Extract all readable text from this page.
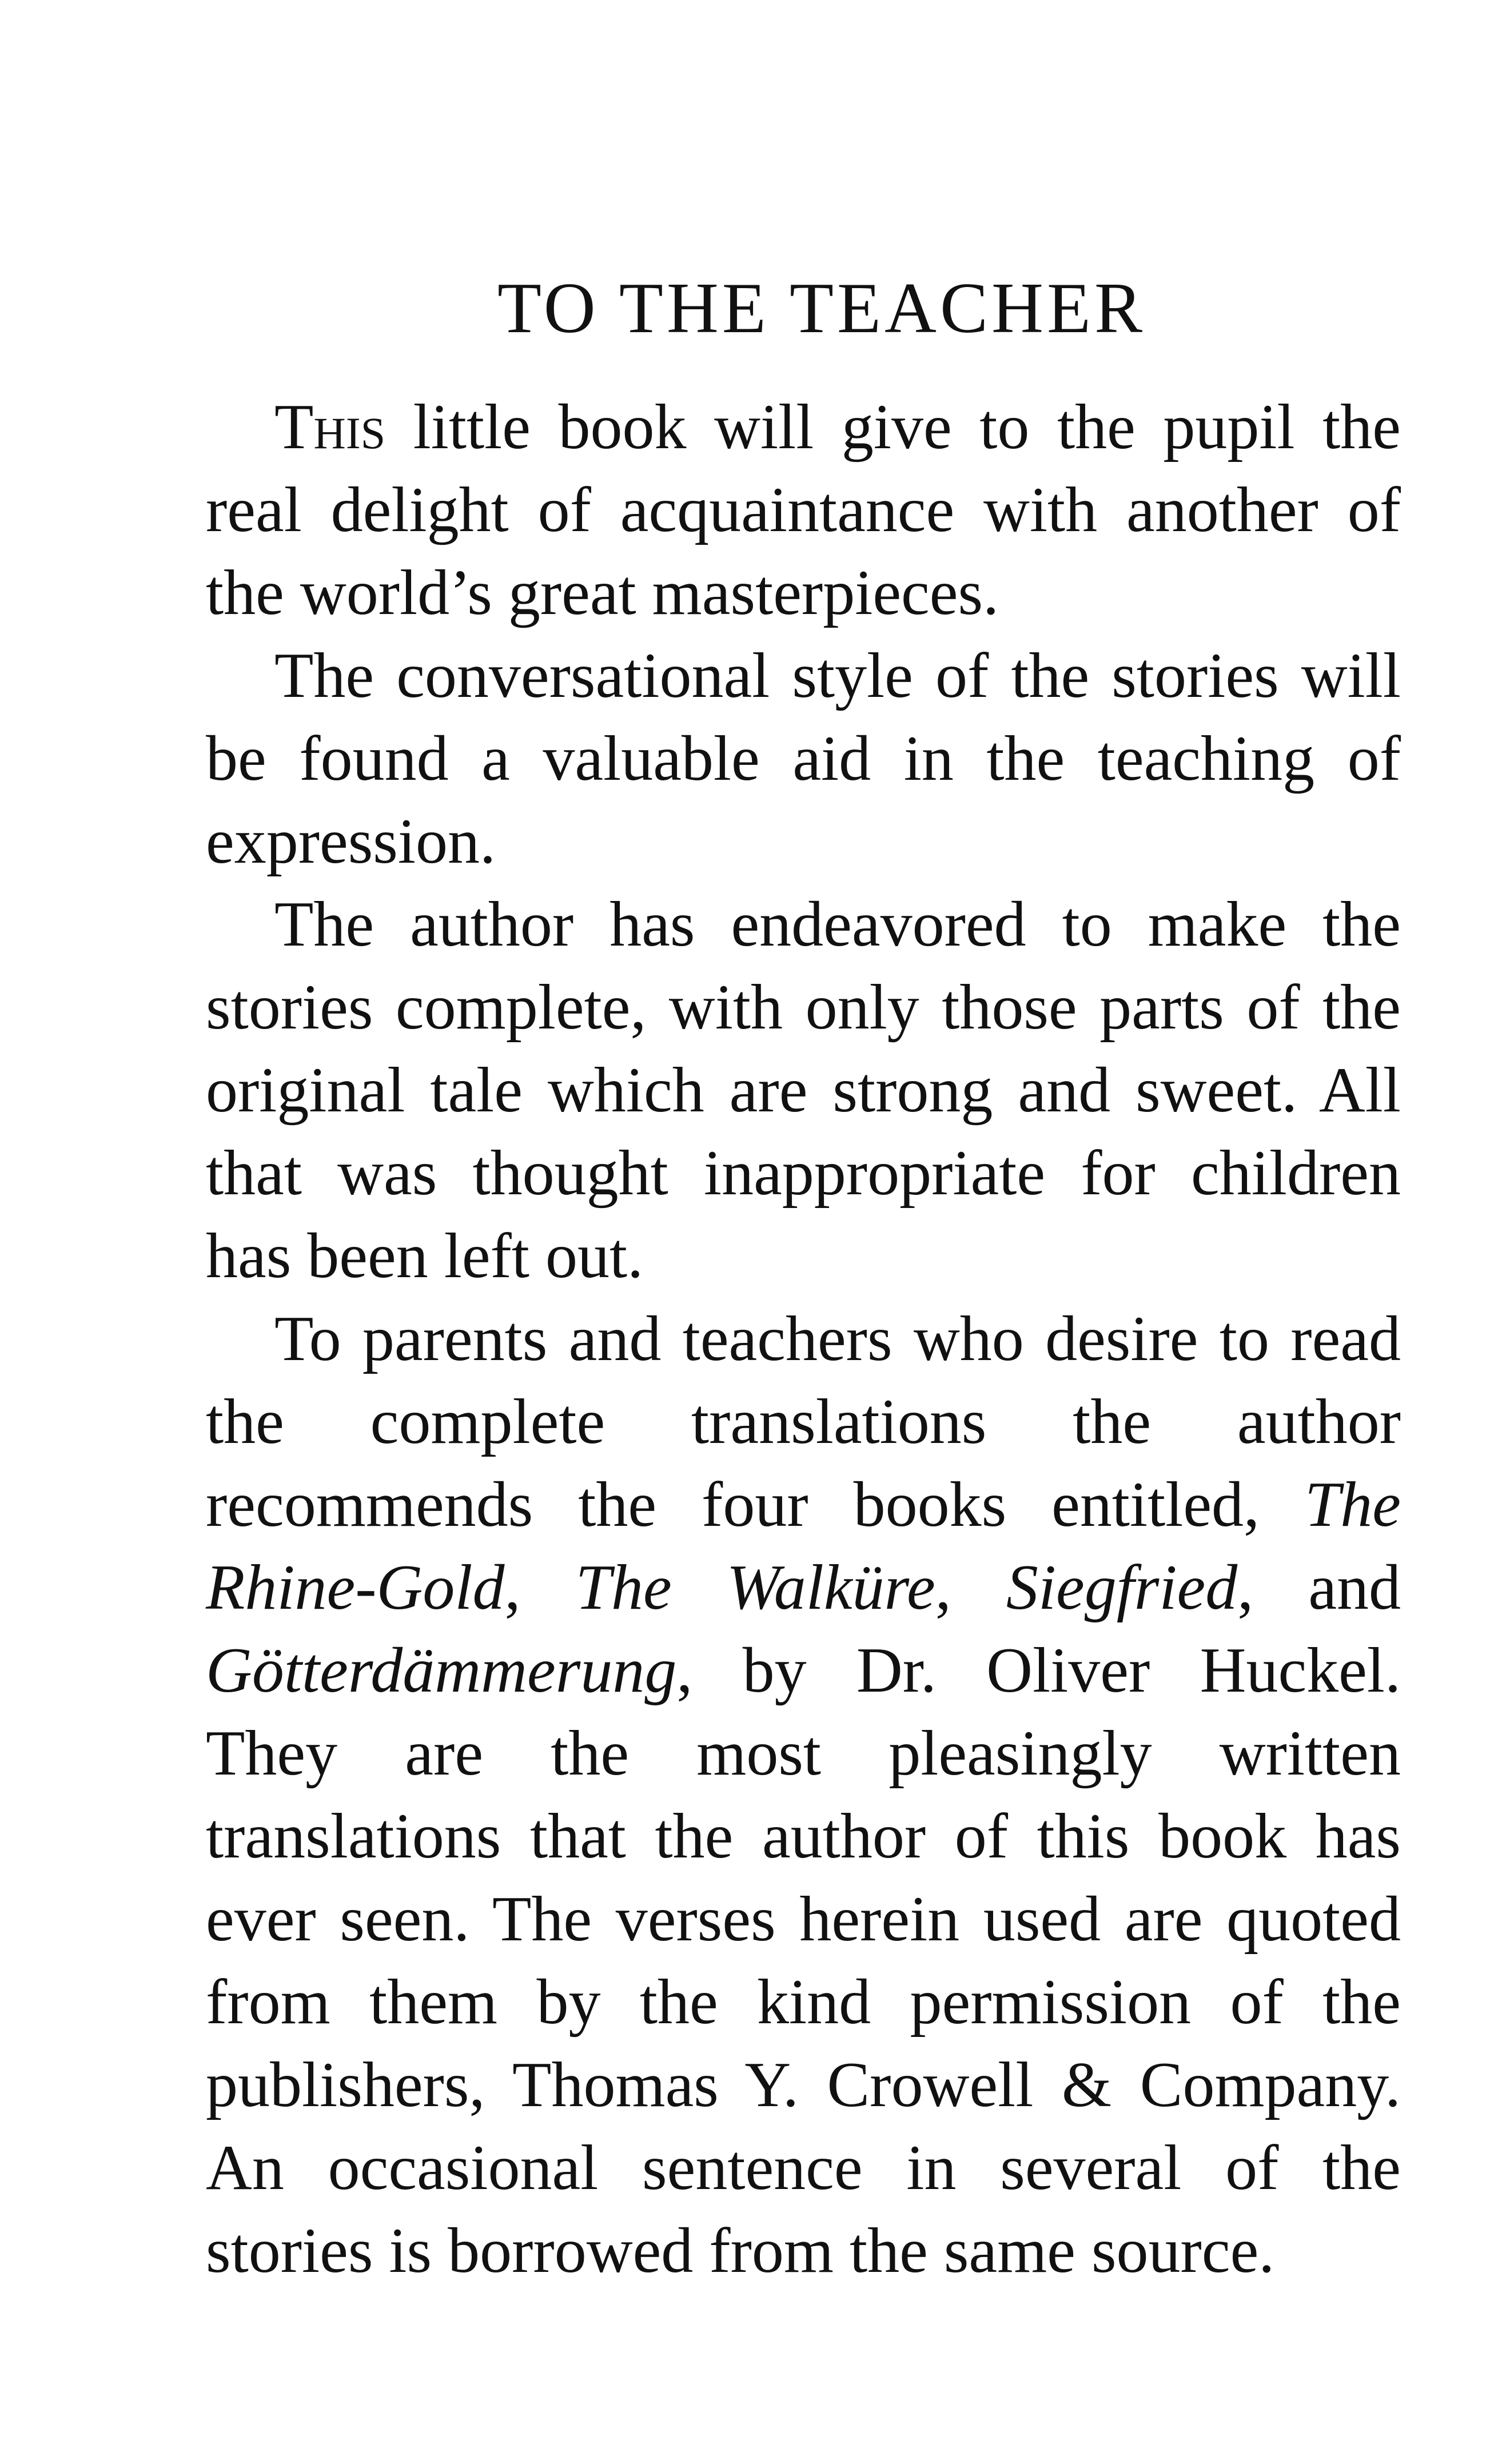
TO THE TEACHER

This little book will give to the pupil the real delight of acquaintance with another of the world’s great masterpieces.

The conversational style of the stories will be found a valuable aid in the teaching of expression.

The author has endeavored to make the stories complete, with only those parts of the original tale which are strong and sweet. All that was thought inappropriate for children has been left out.

To parents and teachers who desire to read the complete translations the author recommends the four books entitled, The Rhine-Gold, The Walküre, Siegfried, and Götterdämmerung, by Dr. Oliver Huckel. They are the most pleasingly written translations that the author of this book has ever seen. The verses herein used are quoted from them by the kind permission of the publishers, Thomas Y. Crowell & Company. An occasional sentence in several of the stories is borrowed from the same source.
